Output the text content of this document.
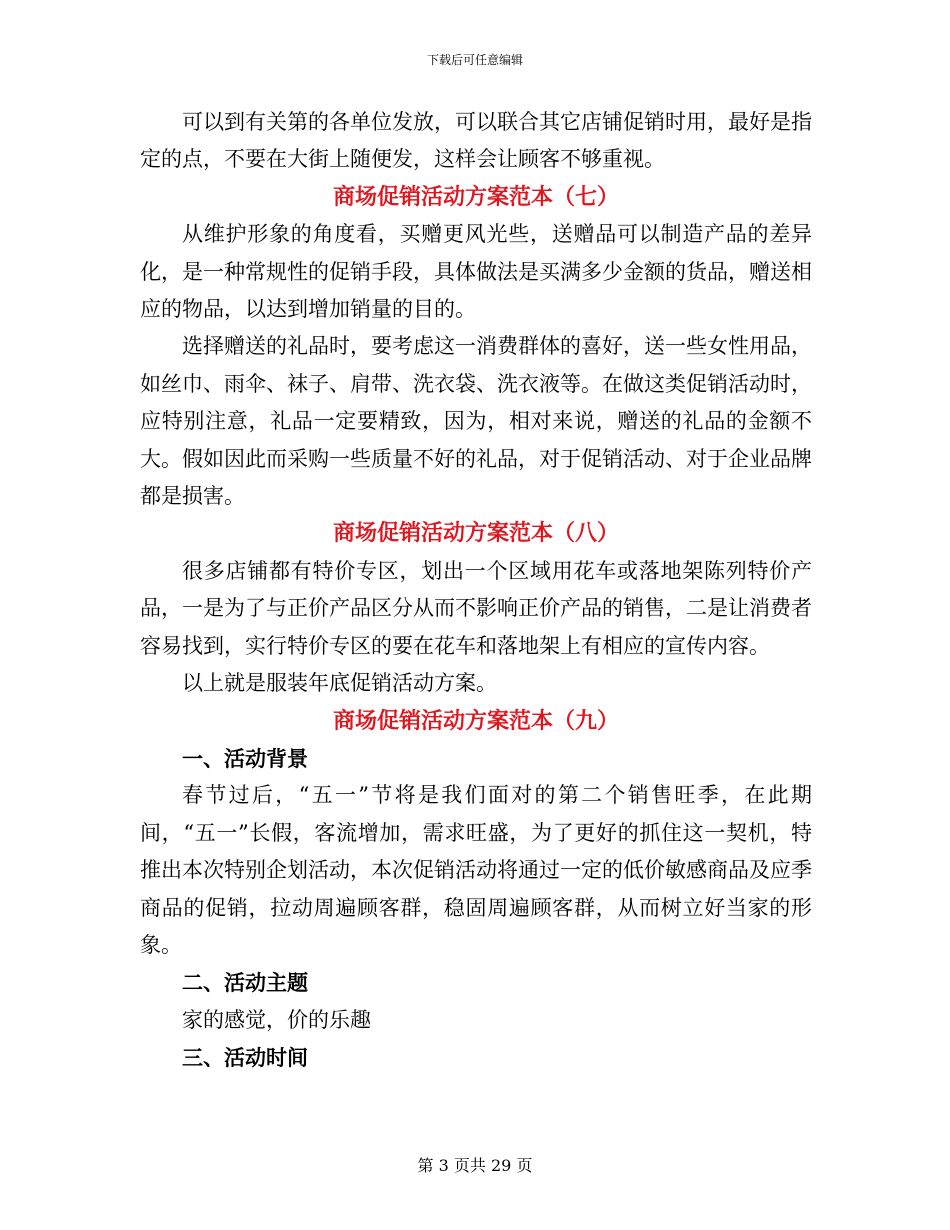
下载后可任意编辑

可以到有关第的各单位发放，可以联合其它店铺促销时用，最好是指定的点，不要在大街上随便发，这样会让顾客不够重视。

商场促销活动方案范本（七）

从维护形象的角度看，买赠更风光些，送赠品可以制造产品的差异化，是一种常规性的促销手段，具体做法是买满多少金额的货品，赠送相应的物品，以达到增加销量的目的。

选择赠送的礼品时，要考虑这一消费群体的喜好，送一些女性用品，如丝巾、雨伞、袜子、肩带、洗衣袋、洗衣液等。在做这类促销活动时，应特别注意，礼品一定要精致，因为，相对来说，赠送的礼品的金额不大。假如因此而采购一些质量不好的礼品，对于促销活动、对于企业品牌都是损害。

商场促销活动方案范本（八）

很多店铺都有特价专区，划出一个区域用花车或落地架陈列特价产品，一是为了与正价产品区分从而不影响正价产品的销售，二是让消费者容易找到，实行特价专区的要在花车和落地架上有相应的宣传内容。

以上就是服装年底促销活动方案。

商场促销活动方案范本（九）

一、活动背景

春节过后，“五一”节将是我们面对的第二个销售旺季，在此期间，“五一”长假，客流增加，需求旺盛，为了更好的抓住这一契机，特推出本次特别企划活动，本次促销活动将通过一定的低价敏感商品及应季商品的促销，拉动周遍顾客群，稳固周遍顾客群，从而树立好当家的形象。

二、活动主题

家的感觉，价的乐趣

三、活动时间

第 3 页共 29 页
